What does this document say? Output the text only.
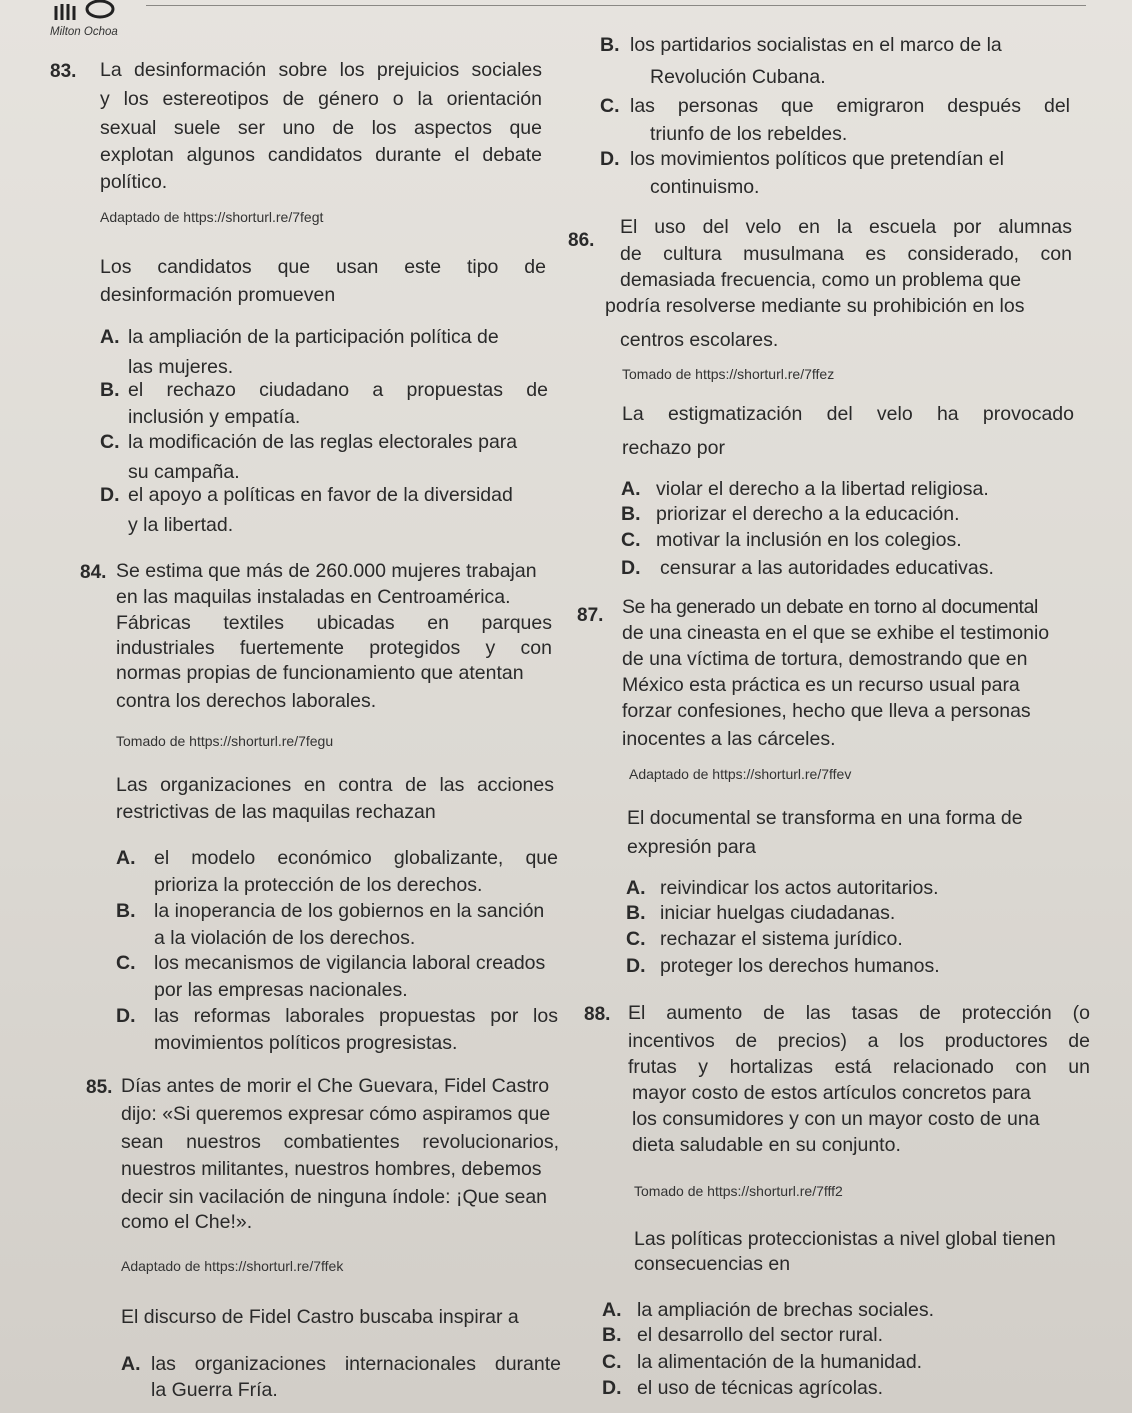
Milton Ochoa
83. La desinformación sobre los prejuicios sociales
y los estereotipos de género o la orientación
sexual suele ser uno de los aspectos que
explotan algunos candidatos durante el debate
político.
Adaptado de https://shorturl.re/7fegt
Los candidatos que usan este tipo de
desinformación promueven
A. la ampliación de la participación política de
las mujeres.
B. el rechazo ciudadano a propuestas de
inclusión y empatía.
C. la modificación de las reglas electorales para
su campaña.
D. el apoyo a políticas en favor de la diversidad
y la libertad.
84. Se estima que más de 260.000 mujeres trabajan
en las maquilas instaladas en Centroamérica.
Fábricas textiles ubicadas en parques
industriales fuertemente protegidos y con
normas propias de funcionamiento que atentan
contra los derechos laborales.
Tomado de https://shorturl.re/7fegu
Las organizaciones en contra de las acciones
restrictivas de las maquilas rechazan
A. el modelo económico globalizante, que
prioriza la protección de los derechos.
B. la inoperancia de los gobiernos en la sanción
a la violación de los derechos.
C. los mecanismos de vigilancia laboral creados
por las empresas nacionales.
D. las reformas laborales propuestas por los
movimientos políticos progresistas.
85. Días antes de morir el Che Guevara, Fidel Castro
dijo: «Si queremos expresar cómo aspiramos que
sean nuestros combatientes revolucionarios,
nuestros militantes, nuestros hombres, debemos
decir sin vacilación de ninguna índole: ¡Que sean
como el Che!».
Adaptado de https://shorturl.re/7ffek
El discurso de Fidel Castro buscaba inspirar a
A. las organizaciones internacionales durante
la Guerra Fría.
B. los partidarios socialistas en el marco de la
Revolución Cubana.
C. las personas que emigraron después del
triunfo de los rebeldes.
D. los movimientos políticos que pretendían el
continuismo.
86.
El uso del velo en la escuela por alumnas
de cultura musulmana es considerado, con
demasiada frecuencia, como un problema que
podría resolverse mediante su prohibición en los
centros escolares.
Tomado de https://shorturl.re/7ffez
La estigmatización del velo ha provocado
rechazo por
A. violar el derecho a la libertad religiosa.
B. priorizar el derecho a la educación.
C. motivar la inclusión en los colegios.
D. censurar a las autoridades educativas.
87. Se ha generado un debate en torno al documental
de una cineasta en el que se exhibe el testimonio
de una víctima de tortura, demostrando que en
México esta práctica es un recurso usual para
forzar confesiones, hecho que lleva a personas
inocentes a las cárceles.
Adaptado de https://shorturl.re/7ffev
El documental se transforma en una forma de
expresión para
A. reivindicar los actos autoritarios.
B. iniciar huelgas ciudadanas.
C. rechazar el sistema jurídico.
D. proteger los derechos humanos.
88. El aumento de las tasas de protección (o
incentivos de precios) a los productores de
frutas y hortalizas está relacionado con un
mayor costo de estos artículos concretos para
los consumidores y con un mayor costo de una
dieta saludable en su conjunto.
Tomado de https://shorturl.re/7fff2
Las políticas proteccionistas a nivel global tienen
consecuencias en
A. la ampliación de brechas sociales.
B. el desarrollo del sector rural.
C. la alimentación de la humanidad.
D. el uso de técnicas agrícolas.
